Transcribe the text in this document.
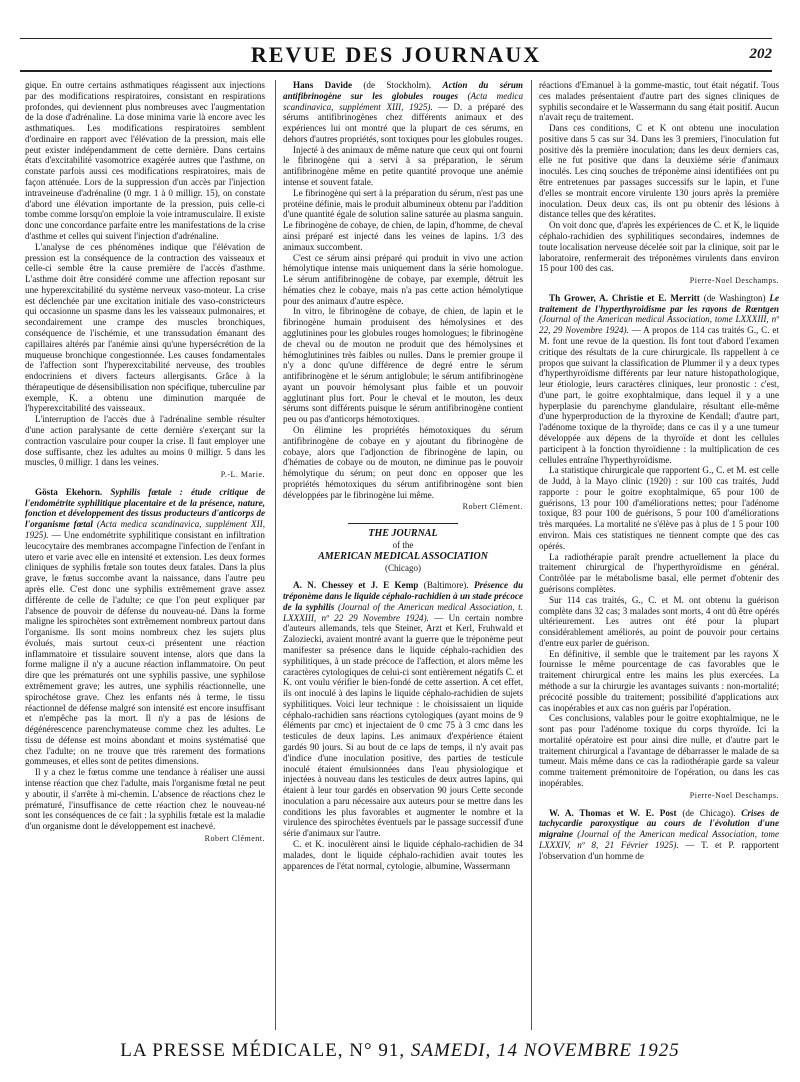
REVUE DES JOURNAUX	202

gique. En outre certains asthmatiques réagissent aux injections par des modifications respiratoires, consistant en respirations profondes, qui deviennent plus nombreuses avec l'augmentation de la dose d'adrénaline. La dose minima varie là encore avec les asthmatiques. Les modifications respiratoires semblent d'ordinaire en rapport avec l'élévation de la pression, mais elle peut exister indépendamment de cette dernière. Dans certains états d'excitabilité vasomotrice exagérée autres que l'asthme, on constate parfois aussi ces modifications respiratoires, mais de façon atténuée. Lors de la suppression d'un accès par l'injection intraveineuse d'adrénaline (0 mgr. 1 à 0 milligr. 15), on constate d'abord une élévation importante de la pression, puis celle-ci tombe comme lorsqu'on emploie la voie intramusculaire. Il existe donc une concordance parfaite entre les manifestations de la crise d'asthme et celles qui suivent l'injection d'adrénaline.

L'analyse de ces phénomènes indique que l'élévation de pression est la conséquence de la contraction des vaisseaux et celle-ci semble être la cause première de l'accès d'asthme. L'asthme doit être considéré comme une affection reposant sur une hyperexcitabilité du système nerveux vaso-moteur. La crise est déclenchée par une excitation initiale des vaso-constricteurs qui occasionne un spasme dans les les vaisseaux pulmonaires, et secondairement une crampe des muscles bronchiques, conséquence de l'ischémie, et une transsudation émanant des capillaires altérés par l'anémie ainsi qu'une hypersécrétion de la muqueuse bronchique congestionnée. Les causes fondamentales de l'affection sont l'hyperexcitabilité nerveuse, des troubles endocriniens et divers facteurs allergisants. Grâce à la thérapeutique de désensibilisation non spécifique, tuberculine par exemple, K. a obtenu une diminution marquée de l'hyperexcitabilité des vaisseaux.

L'interruption de l'accès due à l'adrénaline semble résulter d'une action paralysante de cette dernière s'exerçant sur la contraction vasculaire pour couper la crise. Il faut employer une dose suffisante, chez les adultes au moins 0 milligr. 5 dans les muscles, 0 milligr. 1 dans les veines.

P.-L. Marie.

Gösta Ekehorn. Syphilis fœtale : étude critique de l'endométrite syphilitique placentaire et de la présence, nature, fonction et développement des tissus producteurs d'anticorps de l'organisme fœtal (Acta medica scandinavica, supplément XII, 1925). — Une endométrite syphilitique consistant en infiltration leucocytaire des membranes accompagne l'infection de l'enfant in utero et varie avec elle en intensité et extension. Les deux formes cliniques de syphilis fœtale son toutes deux fatales. Dans la plus grave, le fœtus succombe avant la naissance, dans l'autre peu après elle. C'est donc une syphilis extrêmement grave assez différente de celle de l'adulte; ce que l'on peut expliquer par l'absence de pouvoir de défense du nouveau-né. Dans la forme maligne les spirochètes sont extrêmement nombreux partout dans l'organisme. Ils sont moins nombreux chez les sujets plus évolués, mais surtout ceux-ci présentent une réaction inflammatoire et tissulaire souvent intense, alors que dans la forme maligne il n'y a aucune réaction inflammatoire. On peut dire que les prématurés ont une syphilis passive, une syphilose extrêmement grave; les autres, une syphilis réactionnelle, une spirochétose grave. Chez les enfants nés à terme, le tissu réactionnel de défense malgré son intensité est encore insuffisant et n'empêche pas la mort. Il n'y a pas de lésions de dégénérescence parenchymateuse comme chez les adultes. Le tissu de défense est moins abondant et moins systématisé que chez l'adulte; on ne trouve que très rarement des formations gommeuses, et elles sont de petites dimensions.

Il y a chez le fœtus comme une tendance à réaliser une aussi intense réaction que chez l'adulte, mais l'organisme fœtal ne peut y aboutir, il s'arrête à mi-chemin. L'absence de réactions chez le prématuré, l'insuffisance de cette réaction chez le nouveau-né sont les conséquences de ce fait : la syphilis fœtale est la maladie d'un organisme dont le développement est inachevé.

Robert Clément.

Hans Davide (de Stockholm). Action du sérum antifibrinogène sur les globules rouges (Acta medica scandinavica, supplément XIII, 1925). — D. a préparé des sérums antifibrinogènes chez différents animaux et des expériences lui ont montré que la plupart de ces sérums, en dehors d'autres propriétés, sont toxiques pour les globules rouges.

Injecté à des animaux de même nature que ceux qui ont fourni le fibrinogène qui a servi à sa préparation, le sérum antifibrinogène même en petite quantité provoque une anémie intense et souvent fatale.

Le fibrinogène qui sert à la préparation du sérum, n'est pas une protéine définie, mais le produit albumineux obtenu par l'addition d'une quantité égale de solution saline saturée au plasma sanguin. Le fibrinogène de cobaye, de chien, de lapin, d'homme, de cheval ainsi préparé est injecté dans les veines de lapins. 1/3 des animaux succombent.

C'est ce sérum ainsi préparé qui produit in vivo une action hémolytique intense mais uniquement dans la série homologue. Le sérum antifibrinogène de cobaye, par exemple, détruit les hématies chez le cobaye, mais n'a pas cette action hémolytique pour des animaux d'autre espèce.

In vitro, le fibrinogène de cobaye, de chien, de lapin et le fibrinogène humain produisent des hémolysines et des agglutinines pour les globules rouges homologues; le fibrinogène de cheval ou de mouton ne produit que des hémolysines et hémoglutinines très faibles ou nulles. Dans le premier groupe il n'y a donc qu'une différence de degré entre le sérum antifibrinogène et le sérum antiglobule; le sérum antifibrinogène ayant un pouvoir hémolysant plus faible et un pouvoir agglutinant plus fort. Pour le cheval et le mouton, les deux sérums sont différents puisque le sérum antifibrinogène contient peu ou pas d'anticorps hémotoxiques.

On élimine les propriétés hémotoxiques du sérum antifibrinogène de cobaye en y ajoutant du fibrinogène de cobaye, alors que l'adjonction de fibrinogène de lapin, ou d'hématies de cobaye ou de mouton, ne diminue pas le pouvoir hémolytique du sérum; on peut donc en opposer que les propriétés hémotoxiques du sérum antifibrinogène sont bien développées par le fibrinogène lui même.

Robert Clément.

THE JOURNAL
of the
AMERICAN MEDICAL ASSOCIATION
(Chicago)

A. N. Chessey et J. E Kemp (Baltimore). Présence du tréponème dans le liquide céphalo-rachidien à un stade précoce de la syphilis (Journal of the American medical Association, t. LXXXIII, nº 22 29 Novembre 1924). — Un certain nombre d'auteurs allemands, tels que Steiner, Arzt et Kerl, Fruhwald et Zaloziecki, avaient montré avant la guerre que le tréponème peut manifester sa présence dans le liquide céphalo-rachidien des syphilitiques, à un stade précoce de l'affection, et alors même les caractères cytologiques de celui-ci sont entièrement négatifs C. et K. ont voulu vérifier le bien-fondé de cette assertion. A cet effet, ils ont inoculé à des lapins le liquide céphalo-rachidien de sujets syphilitiques. Voici leur technique : le choisissaient un liquide céphalo-rachidien sans réactions cytologiques (ayant moins de 9 éléments par cmc) et injectaient de 0 cmc 75 à 3 cmc dans les testicules de deux lapins. Les animaux d'expérience étaient gardés 90 jours. Si au bout de ce laps de temps, il n'y avait pas d'indice d'une inoculation positive, des parties de testicule inoculé étaient émulsionnées dans l'eau physiologique et injectées à nouveau dans les testicules de deux autres lapins, qui étaient à leur tour gardés en observation 90 jours Cette seconde inoculation a paru nécessaire aux auteurs pour se mettre dans les conditions les plus favorables et augmenter le nombre et la virulence des spirochètes éventuels par le passage successif d'une série d'animaux sur l'autre.

C. et K. inoculèrent ainsi le liquide céphalo-rachidien de 34 malades, dont le liquide céphalo-rachidien avait toutes les apparences de l'état normal, cytologie, albumine, Wassermann

réactions d'Emanuel à la gomme-mastic, tout était négatif. Tous ces malades présentaient d'autre part des signes cliniques de syphilis secondaire et le Wassermann du sang était positif. Aucun n'avait reçu de traitement.

Dans ces conditions, C et K ont obtenu une inoculation positive dans 5 cas sur 34. Dans les 3 premiers, l'inoculation fut positive dès la première inoculation; dans les deux derniers cas, elle ne fut positive que dans la deuxième série d'animaux inoculés. Les cinq souches de tréponème ainsi identifiées ont pu être entretenues par passages successifs sur le lapin, et l'une d'elles se montrait encore virulente 130 jours après la première inoculation. Deux deux cas, ils ont pu obtenir des lésions à distance telles que des kératites.

On voit donc que, d'après les expériences de C. et K, le liquide céphalo-rachidien des syphilitiques secondaires, indemnes de toute localisation nerveuse décelée soit par la clinique, soit par le laboratoire, renfermerait des tréponèmes virulents dans environ 15 pour 100 des cas.

Pierre-Noel Deschamps.

Th Grower, A. Christie et E. Merritt (de Washington) Le traitement de l'hyperthyroïdisme par les rayons de Rœntgen (Journal of the American medical Association, tome LXXXIII, nº 22, 29 Novembre 1924). — A propos de 114 cas traités G., C. et M. font une revue de la question. Ils font tout d'abord l'examen critique des résultats de la cure chirurgicale. Ils rappellent à ce propos que suivant la classification de Plummer il y a deux types d'hyperthyroïdisme différents par leur nature histopathologique, leur étiologie, leurs caractères cliniques, leur pronostic : c'est, d'une part, le goitre exophtalmique, dans lequel il y a une hyperplasie du parenchyme glandulaire, résultant elle-même d'une hyperproduction de la thyroxine de Kendall; d'autre part, l'adénome toxique de la thyroïde; dans ce cas il y a une tumeur développée aux dépens de la thyroïde et dont les cellules participent à la fonction thyroïdienne : la multiplication de ces cellules entraîne l'hyperthyroïdisme.

La statistique chirurgicale que rapportent G., C. et M. est celle de Judd, à la Mayo clinic (1920) : sur 100 cas traités, Judd rapporte : pour le goitre exophtalmique, 65 pour 100 de guérisons, 13 pour 100 d'améliorations nettes; pour l'adénome toxique, 83 pour 100 de guérisons, 5 pour 100 d'améliorations très marquées. La mortalité ne s'élève pas à plus de 1 5 pour 100 environ. Mais ces statistiques ne tiennent compte que des cas opérés.

La radiothérapie paraît prendre actuellement la place du traitement chirurgical de l'hyperthyroïdisme en général. Contrôlée par le métabolisme basal, elle permet d'obtenir des guérisons complètes.

Sur 114 cas traités, G., C. et M. ont obtenu la guérison complète dans 32 cas; 3 malades sont morts, 4 ont dû être opérés ultérieurement. Les autres ont été pour la plupart considérablement améliorés, au point de pouvoir pour certains d'entre eux parler de guérison.

En définitive, il semble que le traitement par les rayons X fournisse le même pourcentage de cas favorables que le traitement chirurgical entre les mains les plus exercées. La méthode a sur la chirurgie les avantages suivants : non-mortalité; précocité possible du traitement; possibilité d'applications aux cas inopérables et aux cas non guéris par l'opération.

Ces conclusions, valables pour le goitre exophtalmique, ne le sont pas pour l'adénome toxique du corps thyroïde. Ici la mortalité opératoire est pour ainsi dire nulle, et d'autre part le traitement chirurgical a l'avantage de débarrasser le malade de sa tumeur. Mais même dans ce cas la radiothérapie garde sa valeur comme traitement prémonitoire de l'opération, ou dans les cas inopérables.

Pierre-Noel Deschamps.

W. A. Thomas et W. E. Post (de Chicago). Crises de tachycardie paroxystique au cours de l'évolution d'une migraine (Journal of the American medical Association, tome LXXXIV, nº 8, 21 Février 1925). — T. et P. rapportent l'observation d'un homme de

LA PRESSE MÉDICALE, N° 91, SAMEDI, 14 NOVEMBRE 1925
